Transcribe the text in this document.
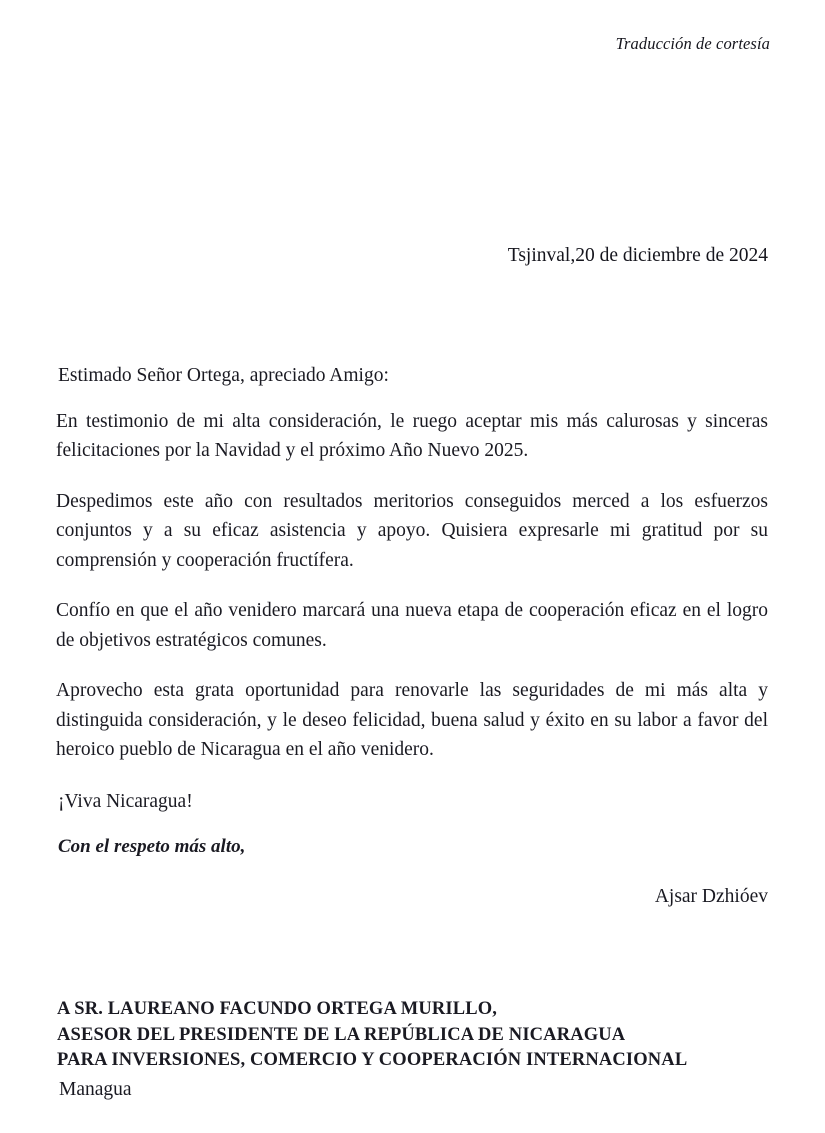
Traducción de cortesía
Tsjinval,20 de diciembre de 2024

Estimado Señor Ortega, apreciado Amigo:

En testimonio de mi alta consideración, le ruego aceptar mis más calurosas y sinceras felicitaciones por la Navidad y el próximo Año Nuevo 2025.

Despedimos este año con resultados meritorios conseguidos merced a los esfuerzos conjuntos y a su eficaz asistencia y apoyo. Quisiera expresarle mi gratitud por su comprensión y cooperación fructífera.

Confío en que el año venidero marcará una nueva etapa de cooperación eficaz en el logro de objetivos estratégicos comunes.

Aprovecho esta grata oportunidad para renovarle las seguridades de mi más alta y distinguida consideración, y le deseo felicidad, buena salud y éxito en su labor a favor del heroico pueblo de Nicaragua en el año venidero.

¡Viva Nicaragua!

Con el respeto más alto,

Ajsar Dzhióev

A SR. LAUREANO FACUNDO ORTEGA MURILLO,

ASESOR DEL PRESIDENTE DE LA REPÚBLICA DE NICARAGUA

PARA INVERSIONES, COMERCIO Y COOPERACIÓN INTERNACIONAL

Managua
